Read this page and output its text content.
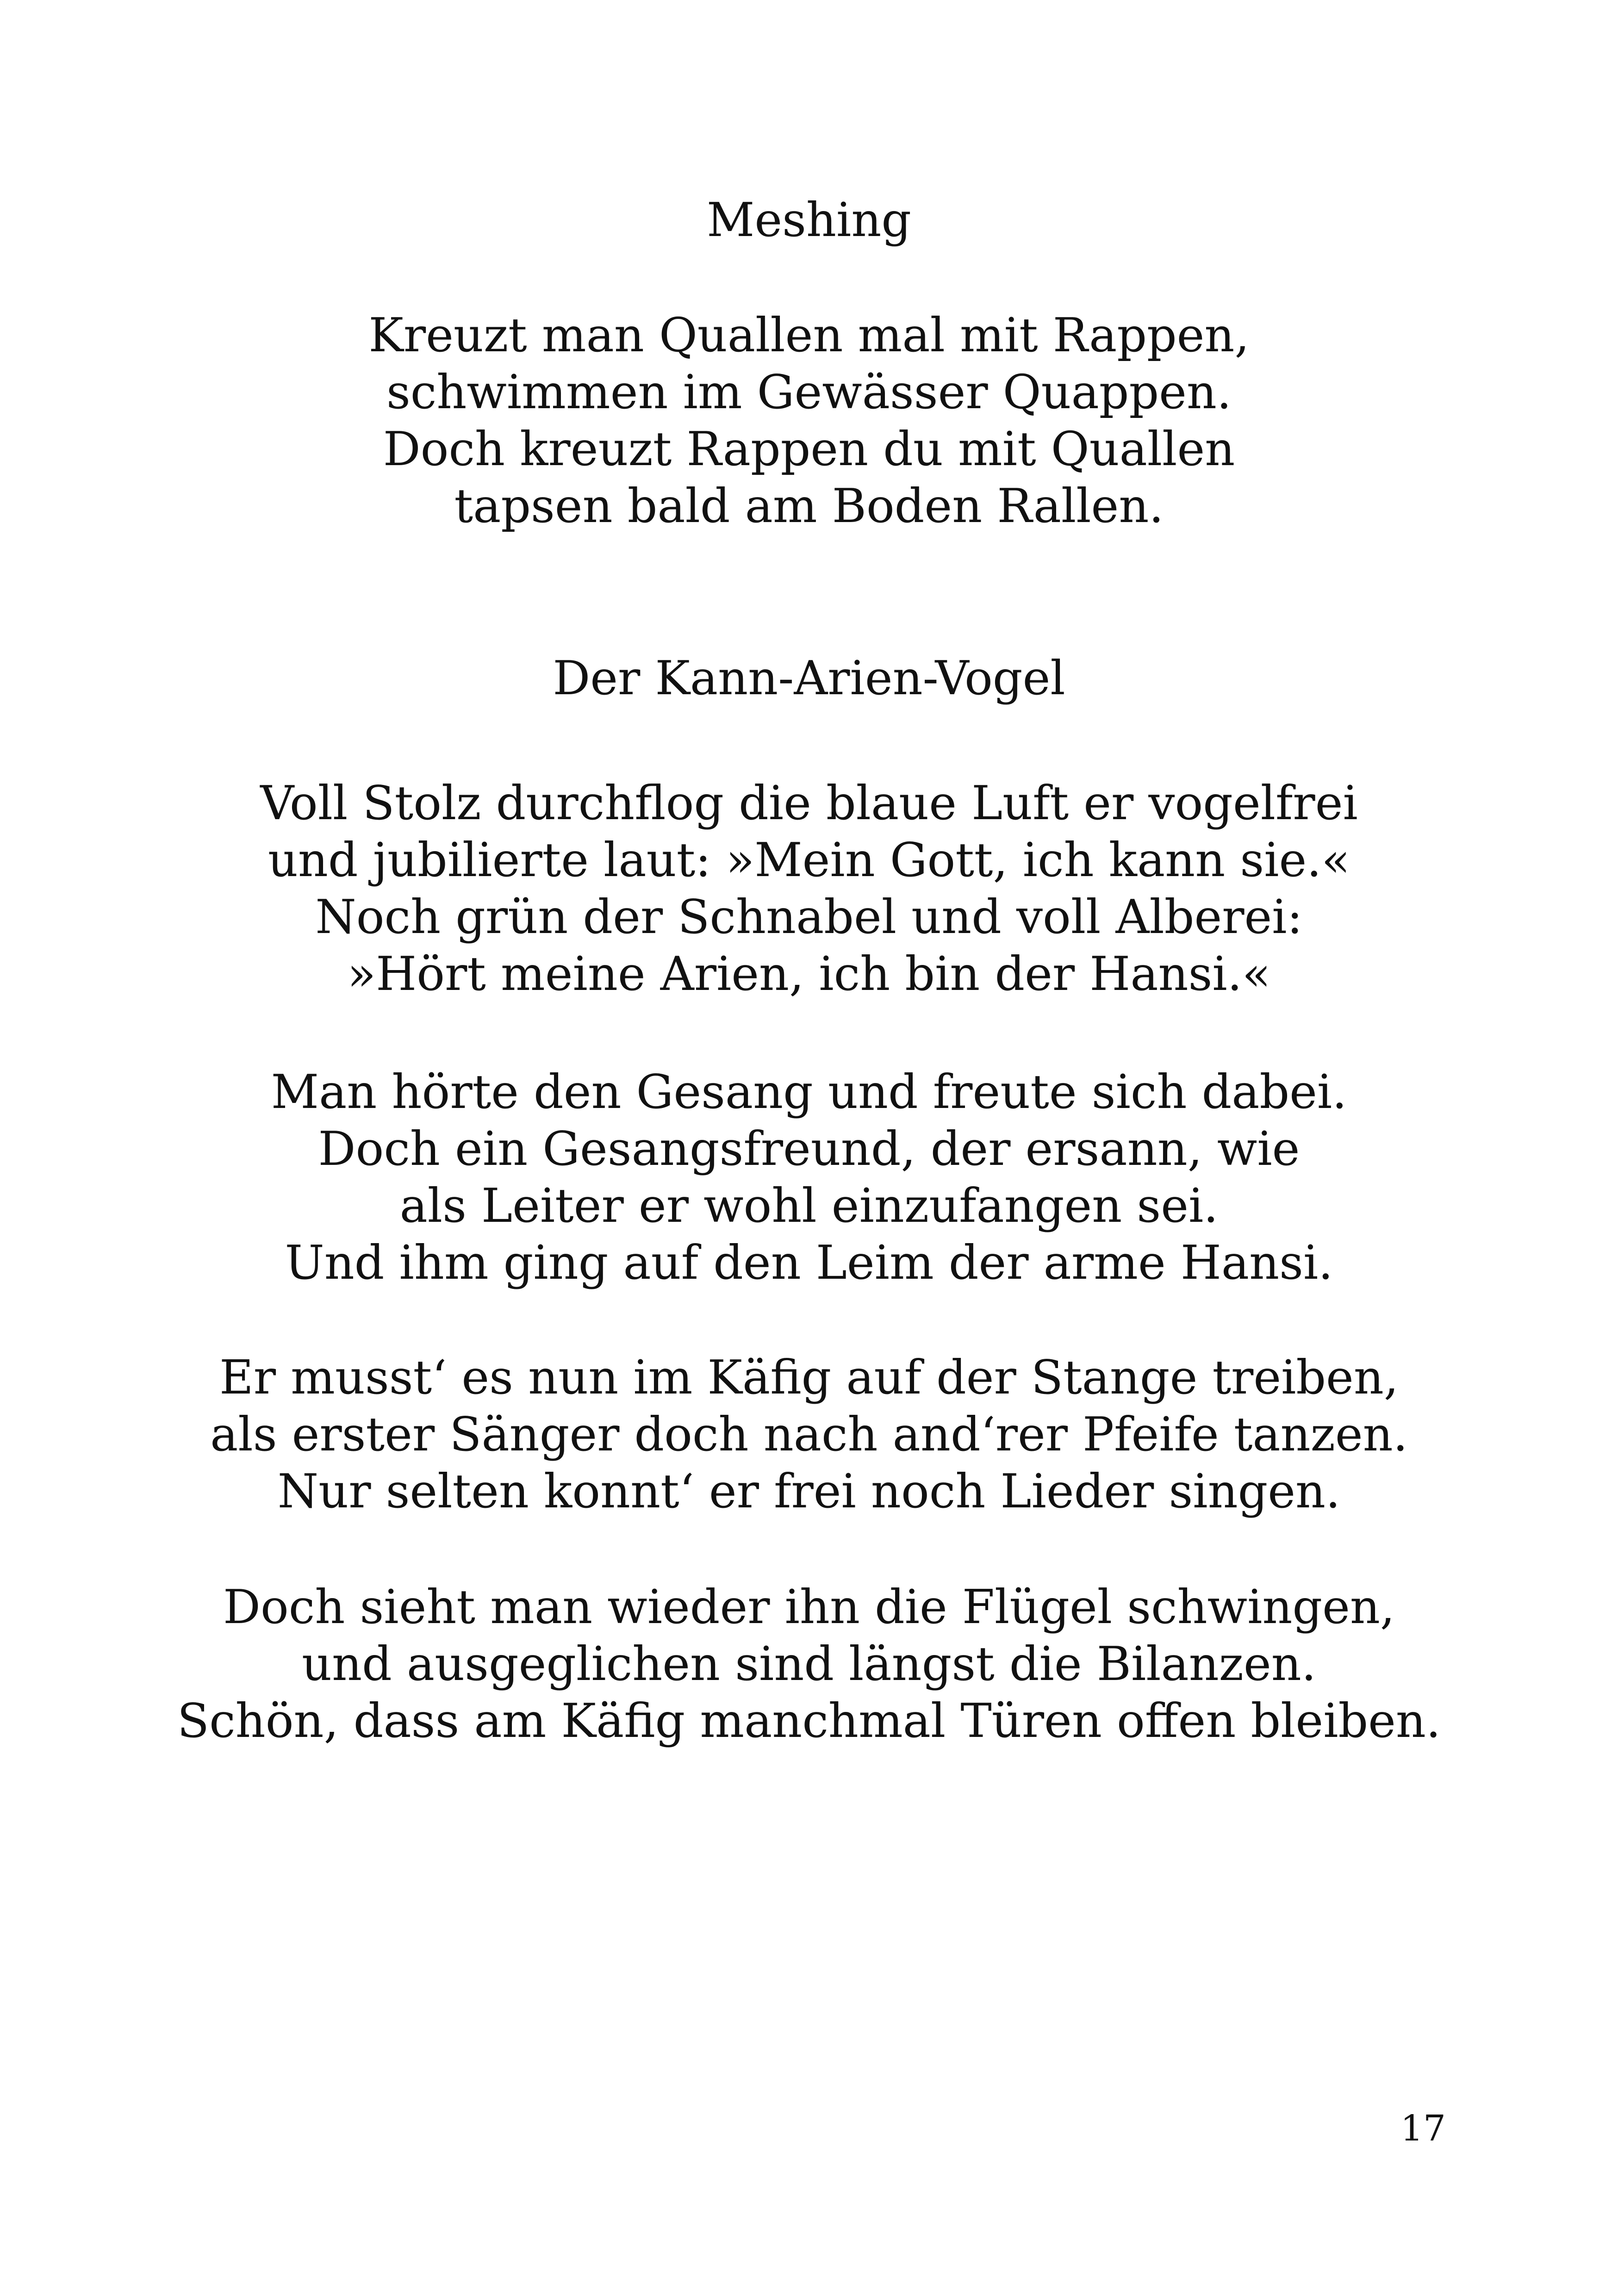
Meshing
Kreuzt man Quallen mal mit Rappen,
schwimmen im Gewässer Quappen.
Doch kreuzt Rappen du mit Quallen
tapsen bald am Boden Rallen.
Der Kann-Arien-Vogel
Voll Stolz durchflog die blaue Luft er vogelfrei
und jubilierte laut: »Mein Gott, ich kann sie.«
Noch grün der Schnabel und voll Alberei:
»Hört meine Arien, ich bin der Hansi.«
Man hörte den Gesang und freute sich dabei.
Doch ein Gesangsfreund, der ersann, wie
als Leiter er wohl einzufangen sei.
Und ihm ging auf den Leim der arme Hansi.
Er musst‘ es nun im Käfig auf der Stange treiben,
als erster Sänger doch nach and‘rer Pfeife tanzen.
Nur selten konnt‘ er frei noch Lieder singen.
Doch sieht man wieder ihn die Flügel schwingen,
und ausgeglichen sind längst die Bilanzen.
Schön, dass am Käfig manchmal Türen offen bleiben.
17
